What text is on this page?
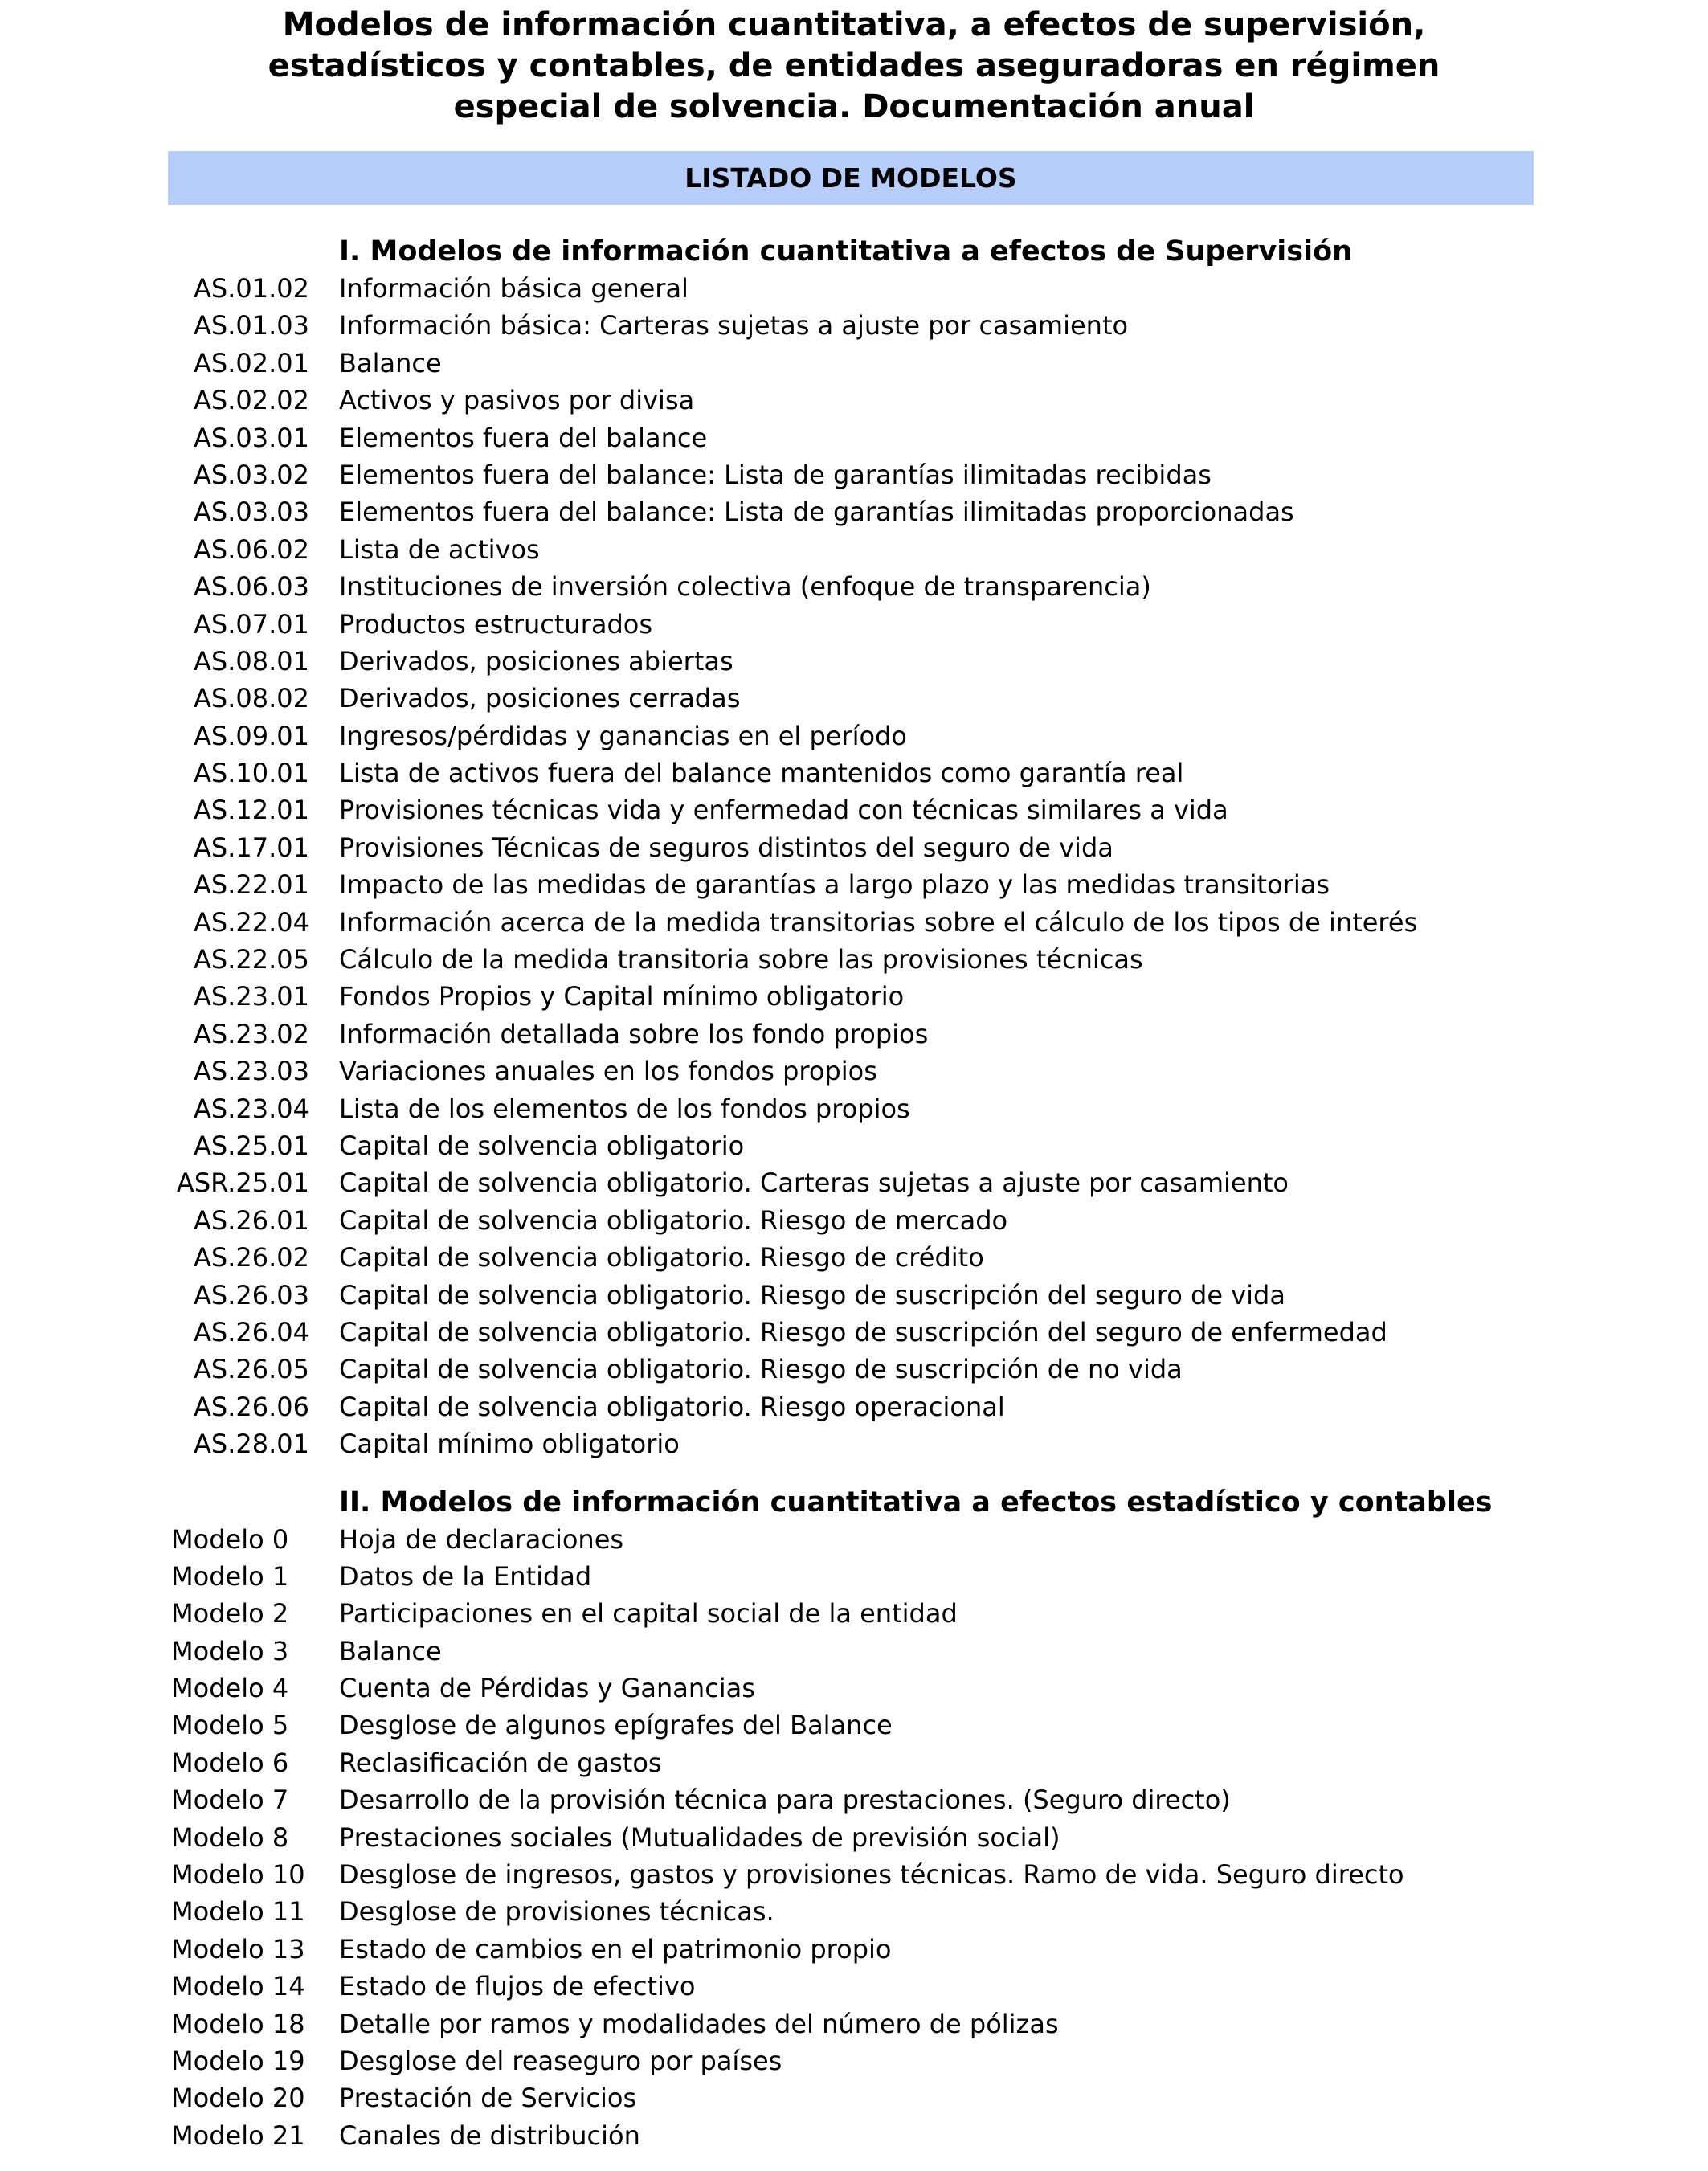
Modelos de información cuantitativa, a efectos de supervisión,
estadísticos y contables, de entidades aseguradoras en régimen
especial de solvencia. Documentación anual
LISTADO DE MODELOS
I. Modelos de información cuantitativa a efectos de Supervisión
AS.01.02 Información básica general
AS.01.03 Información básica: Carteras sujetas a ajuste por casamiento
AS.02.01 Balance
AS.02.02 Activos y pasivos por divisa
AS.03.01 Elementos fuera del balance
AS.03.02 Elementos fuera del balance: Lista de garantías ilimitadas recibidas
AS.03.03 Elementos fuera del balance: Lista de garantías ilimitadas proporcionadas
AS.06.02 Lista de activos
AS.06.03 Instituciones de inversión colectiva (enfoque de transparencia)
AS.07.01 Productos estructurados
AS.08.01 Derivados, posiciones abiertas
AS.08.02 Derivados, posiciones cerradas
AS.09.01 Ingresos/pérdidas y ganancias en el período
AS.10.01 Lista de activos fuera del balance mantenidos como garantía real
AS.12.01 Provisiones técnicas vida y enfermedad con técnicas similares a vida
AS.17.01 Provisiones Técnicas de seguros distintos del seguro de vida
AS.22.01 Impacto de las medidas de garantías a largo plazo y las medidas transitorias
AS.22.04 Información acerca de la medida transitorias sobre el cálculo de los tipos de interés
AS.22.05 Cálculo de la medida transitoria sobre las provisiones técnicas
AS.23.01 Fondos Propios y Capital mínimo obligatorio
AS.23.02 Información detallada sobre los fondo propios
AS.23.03 Variaciones anuales en los fondos propios
AS.23.04 Lista de los elementos de los fondos propios
AS.25.01 Capital de solvencia obligatorio
ASR.25.01 Capital de solvencia obligatorio. Carteras sujetas a ajuste por casamiento
AS.26.01 Capital de solvencia obligatorio. Riesgo de mercado
AS.26.02 Capital de solvencia obligatorio. Riesgo de crédito
AS.26.03 Capital de solvencia obligatorio. Riesgo de suscripción del seguro de vida
AS.26.04 Capital de solvencia obligatorio. Riesgo de suscripción del seguro de enfermedad
AS.26.05 Capital de solvencia obligatorio. Riesgo de suscripción de no vida
AS.26.06 Capital de solvencia obligatorio. Riesgo operacional
AS.28.01 Capital mínimo obligatorio
II. Modelos de información cuantitativa a efectos estadístico y contables
Modelo 0 Hoja de declaraciones
Modelo 1 Datos de la Entidad
Modelo 2 Participaciones en el capital social de la entidad
Modelo 3 Balance
Modelo 4 Cuenta de Pérdidas y Ganancias
Modelo 5 Desglose de algunos epígrafes del Balance
Modelo 6 Reclasificación de gastos
Modelo 7 Desarrollo de la provisión técnica para prestaciones. (Seguro directo)
Modelo 8 Prestaciones sociales (Mutualidades de previsión social)
Modelo 10 Desglose de ingresos, gastos y provisiones técnicas. Ramo de vida. Seguro directo
Modelo 11 Desglose de provisiones técnicas.
Modelo 13 Estado de cambios en el patrimonio propio
Modelo 14 Estado de flujos de efectivo
Modelo 18 Detalle por ramos y modalidades del número de pólizas
Modelo 19 Desglose del reaseguro por países
Modelo 20 Prestación de Servicios
Modelo 21 Canales de distribución
